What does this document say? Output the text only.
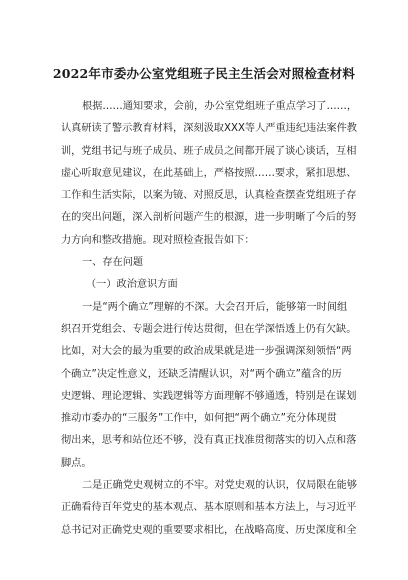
2022年市委办公室党组班子民主生活会对照检查材料
根据……通知要求，会前，办公室党组班子重点学习了……，
认真研读了警示教育材料，深刻汲取XXX等人严重违纪违法案件教
训，党组书记与班子成员、班子成员之间都开展了谈心谈话，互相
虚心听取意见建议，在此基础上，严格按照……要求，紧扣思想、
工作和生活实际，以案为镜、对照反思，认真检查摆查党组班子存
在的突出问题，深入剖析问题产生的根源，进一步明晰了今后的努
力方向和整改措施。现对照检查报告如下：
一、存在问题
（一）政治意识方面
一是“两个确立”理解的不深。大会召开后，能够第一时间组
织召开党组会、专题会进行传达贯彻，但在学深悟透上仍有欠缺。
比如，对大会的最为重要的政治成果就是进一步强调深刻领悟“两
个确立”决定性意义，还缺乏清醒认识，对“两个确立”蕴含的历
史逻辑、理论逻辑、实践逻辑等方面理解不够通透，特别是在谋划
推动市委办的“三服务”工作中，如何把“两个确立”充分体现贯
彻出来，思考和站位还不够，没有真正找准贯彻落实的切入点和落
脚点。
二是正确党史观树立的不牢。对党史观的认识，仅局限在能够
正确看待百年党史的基本观点、基本原则和基本方法上，与习近平
总书记对正确党史观的重要要求相比，在战略高度、历史深度和全
